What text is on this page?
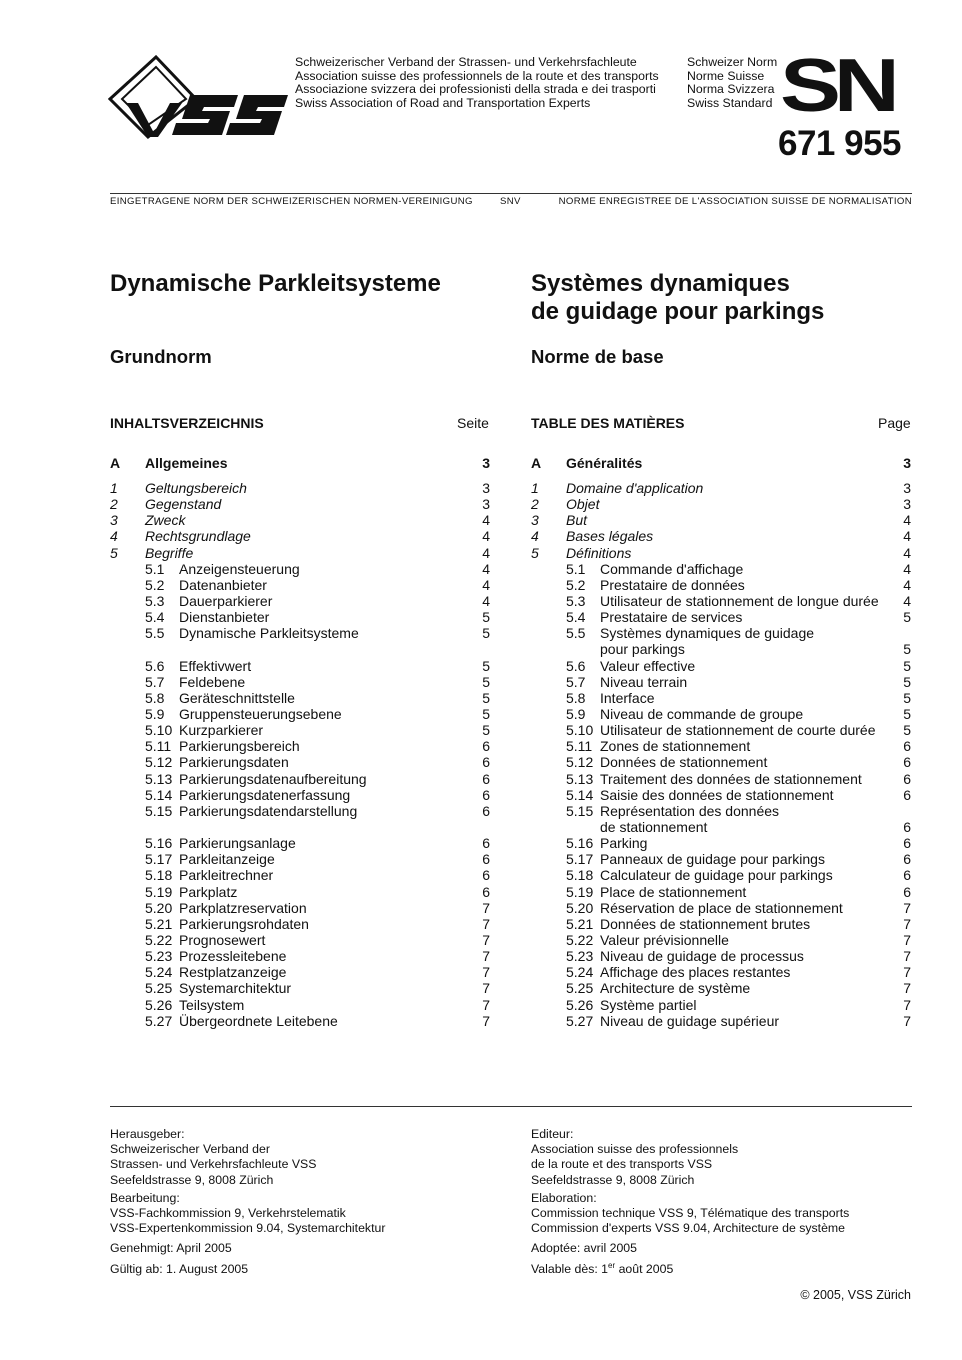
Schweizerischer Verband der Strassen- und Verkehrsfachleute
Association suisse des professionnels de la route et des transports
Associazione svizzera dei professionisti della strada e dei trasporti
Swiss Association of Road and Transportation Experts
Schweizer Norm
Norme Suisse
Norma Svizzera
Swiss Standard SN
671 955
EINGETRAGENE NORM DER SCHWEIZERISCHEN NORMEN-VEREINIGUNG	SNV	NORME ENREGISTREE DE L'ASSOCIATION SUISSE DE NORMALISATION
Dynamische Parkleitsysteme	Systèmes dynamiques
de guidage pour parkings
Grundnorm	Norme de base
INHALTSVERZEICHNIS	Seite	TABLE DES MATIÈRES	Page
A Allgemeines	3
1 Geltungsbereich	3
2 Gegenstand	3
3 Zweck	4
4 Rechtsgrundlage	4
5 Begriffe	4
5.1 Anzeigensteuerung	4
5.2 Datenanbieter	4
5.3 Dauerparkierer	4
5.4 Dienstanbieter	5
5.5 Dynamische Parkleitsysteme	5
5.6 Effektivwert	5
5.7 Feldebene	5
5.8 Geräteschnittstelle	5
5.9 Gruppensteuerungsebene	5
5.10 Kurzparkierer	5
5.11 Parkierungsbereich	6
5.12 Parkierungsdaten	6
5.13 Parkierungsdatenaufbereitung	6
5.14 Parkierungsdatenerfassung	6
5.15 Parkierungsdatendarstellung	6
5.16 Parkierungsanlage	6
5.17 Parkleitanzeige	6
5.18 Parkleitrechner	6
5.19 Parkplatz	6
5.20 Parkplatzreservation	7
5.21 Parkierungsrohdaten	7
5.22 Prognosewert	7
5.23 Prozessleitebene	7
5.24 Restplatzanzeige	7
5.25 Systemarchitektur	7
5.26 Teilsystem	7
5.27 Übergeordnete Leitebene	7
A Généralités	3
1 Domaine d'application	3
2 Objet	3
3 But	4
4 Bases légales	4
5 Définitions	4
5.1 Commande d'affichage	4
5.2 Prestataire de données	4
5.3 Utilisateur de stationnement de longue durée 4
5.4 Prestataire de services	5
5.5 Systèmes dynamiques de guidage
pour parkings	5
5.6 Valeur effective	5
5.7 Niveau terrain	5
5.8 Interface	5
5.9 Niveau de commande de groupe	5
5.10 Utilisateur de stationnement de courte durée 5
5.11 Zones de stationnement	6
5.12 Données de stationnement	6
5.13 Traitement des données de stationnement	6
5.14 Saisie des données de stationnement	6
5.15 Représentation des données
de stationnement	6
5.16 Parking	6
5.17 Panneaux de guidage pour parkings	6
5.18 Calculateur de guidage pour parkings	6
5.19 Place de stationnement	6
5.20 Réservation de place de stationnement	7
5.21 Données de stationnement brutes	7
5.22 Valeur prévisionnelle	7
5.23 Niveau de guidage de processus	7
5.24 Affichage des places restantes	7
5.25 Architecture de système	7
5.26 Système partiel	7
5.27 Niveau de guidage supérieur	7
Herausgeber:
Schweizerischer Verband der
Strassen- und Verkehrsfachleute VSS
Seefeldstrasse 9, 8008 Zürich
Bearbeitung:
VSS-Fachkommission 9, Verkehrstelematik
VSS-Expertenkommission 9.04, Systemarchitektur
Genehmigt: April 2005
Gültig ab: 1. August 2005
Editeur:
Association suisse des professionnels
de la route et des transports VSS
Seefeldstrasse 9, 8008 Zürich
Elaboration:
Commission technique VSS 9, Télématique des transports
Commission d'experts VSS 9.04, Architecture de système
Adoptée: avril 2005
Valable dès: 1er août 2005
© 2005, VSS Zürich
